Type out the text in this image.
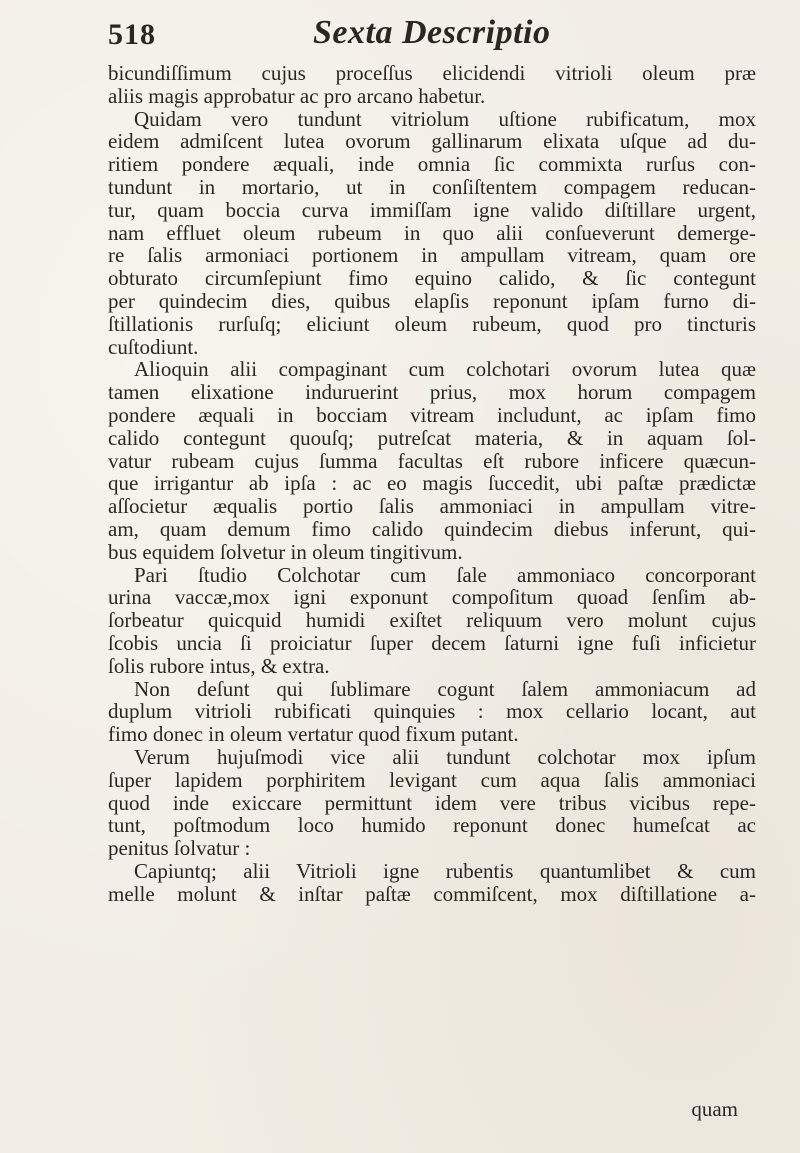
518	Sexta Descriptio
bicundiſſimum cujus proceſſus elicidendi vitrioli oleum præ
aliis magis approbatur ac pro arcano habetur.
Quidam vero tundunt vitriolum uſtione rubificatum, mox
eidem admiſcent lutea ovorum gallinarum elixata uſque ad du-
ritiem pondere æquali, inde omnia ſic commixta rurſus con-
tundunt in mortario, ut in conſiſtentem compagem reducan-
tur, quam boccia curva immiſſam igne valido diſtillare urgent,
nam effluet oleum rubeum in quo alii conſueverunt demerge-
re ſalis armoniaci portionem in ampullam vitream, quam ore
obturato circumſepiunt fimo equino calido, & ſic contegunt
per quindecim dies, quibus elapſis reponunt ipſam furno di-
ſtillationis rurſuſq; eliciunt oleum rubeum, quod pro tincturis
cuſtodiunt.
Alioquin alii compaginant cum colchotari ovorum lutea quæ
tamen elixatione induruerint prius, mox horum compagem
pondere æquali in bocciam vitream includunt, ac ipſam fimo
calido contegunt quouſq; putreſcat materia, & in aquam ſol-
vatur rubeam cujus ſumma facultas eſt rubore inficere quæcun-
que irrigantur ab ipſa : ac eo magis ſuccedit, ubi paſtæ prædictæ
aſſocietur æqualis portio ſalis ammoniaci in ampullam vitre-
am, quam demum fimo calido quindecim diebus inferunt, qui-
bus equidem ſolvetur in oleum tingitivum.
Pari ſtudio Colchotar cum ſale ammoniaco concorporant
urina vaccæ,mox igni exponunt compoſitum quoad ſenſim ab-
ſorbeatur quicquid humidi exiſtet reliquum vero molunt cujus
ſcobis uncia ſi proiciatur ſuper decem ſaturni igne fuſi inficietur
ſolis rubore intus, & extra.
Non deſunt qui ſublimare cogunt ſalem ammoniacum ad
duplum vitrioli rubificati quinquies : mox cellario locant, aut
fimo donec in oleum vertatur quod fixum putant.
Verum hujuſmodi vice alii tundunt colchotar mox ipſum
ſuper lapidem porphiritem levigant cum aqua ſalis ammoniaci
quod inde exiccare permittunt idem vere tribus vicibus repe-
tunt, poſtmodum loco humido reponunt donec humeſcat ac
penitus ſolvatur :
Capiuntq; alii Vitrioli igne rubentis quantumlibet & cum
melle molunt & inſtar paſtæ commiſcent, mox diſtillatione a-
quam
